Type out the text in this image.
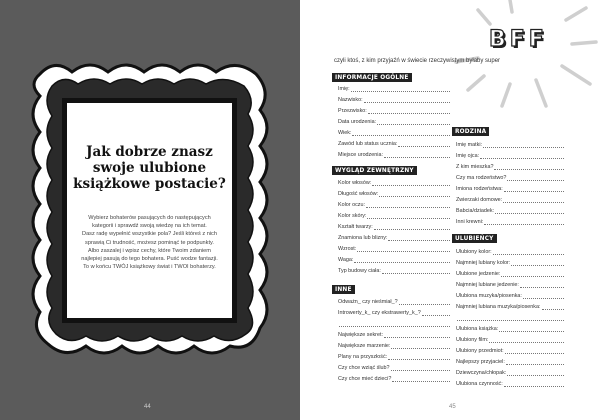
Jak dobrze znasz
swoje ulubione
książkowe postacie?
Wybierz bohaterów pasujących do następujących
kategorii i sprawdź swoją wiedzę na ich temat.
Dasz radę wypełnić wszystkie pola? Jeśli któreś z nich
sprawią Ci trudność, możesz pominąć te podpunkty.
Albo zaszalej i wpisz cechy, które Twoim zdaniem
najlepiej pasują do tego bohatera. Puść wodze fantazji.
To w końcu TWÓJ książkowy świat i TWOI bohaterzy.
44
BFF
czyli ktoś, z kim przyjaźń w świecie rzeczywistym byłaby super
INFORMACJE OGÓLNE
Imię:
Nazwisko:
Przezwisko:
Data urodzenia:
Wiek:
Zawód lub status ucznia:
Miejsce urodzenia:
WYGLĄD ZEWNĘTRZNY
Kolor włosów:
Długość włosów:
Kolor oczu:
Kolor skóry:
Kształt twarzy:
Znamiona lub blizny:
Wzrost:
Waga:
Typ budowy ciała:
INNE
Odważn_ czy nieśmiał_?
Introwerty_k_ czy ekstrawerty_k_?
Największe sekret:
Największe marzenie:
Plany na przyszłość:
Czy chce wziąć ślub?
Czy chce mieć dzieci?
RODZINA
Imię matki:
Imię ojca:
Z kim mieszka?
Czy ma rodzeństwo?
Imiona rodzeństwa:
Zwierzaki domowe:
Babcia/dziadek:
Inni krewni:
ULUBIEŃCY
Ulubiony kolor:
Najmniej lubiany kolor:
Ulubione jedzenie:
Najmniej lubiane jedzenie:
Ulubiona muzyka/piosenka:
Najmniej lubiana muzyka/piosenka:
Ulubiona książka:
Ulubiony film:
Ulubiony przedmiot:
Najlepszy przyjaciel:
Dziewczyna/chłopak:
Ulubiona czynność:
45
